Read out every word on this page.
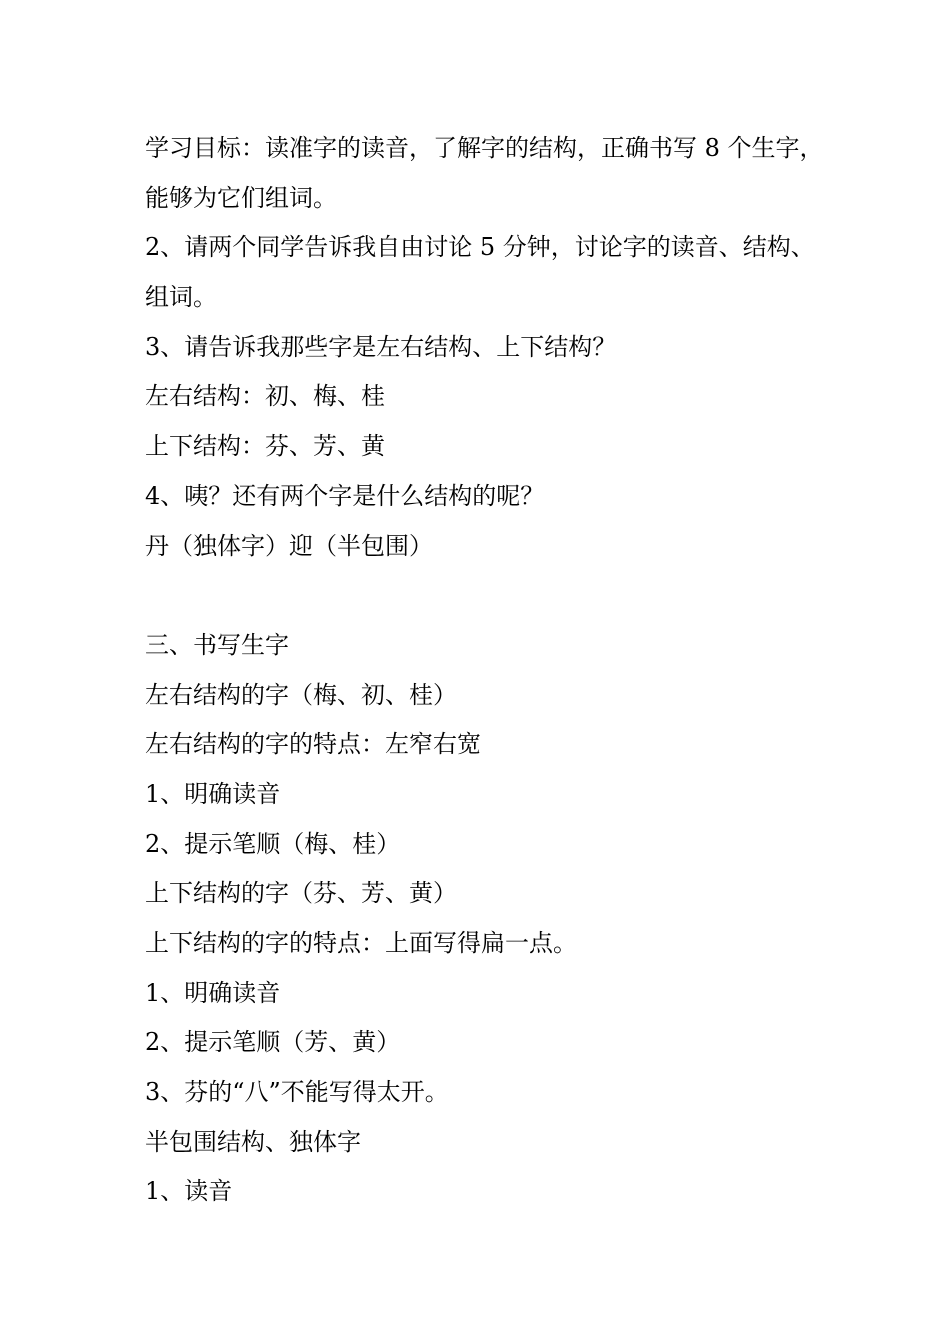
学习目标：读准字的读音，了解字的结构，正确书写 8 个生字，
能够为它们组词。
2、请两个同学告诉我自由讨论 5 分钟，讨论字的读音、结构、
组词。
3、请告诉我那些字是左右结构、上下结构？
左右结构：初、梅、桂
上下结构：芬、芳、黄
4、咦？还有两个字是什么结构的呢？
丹（独体字）迎（半包围）
三、书写生字
左右结构的字（梅、初、桂）
左右结构的字的特点：左窄右宽
1、明确读音
2、提示笔顺（梅、桂）
上下结构的字（芬、芳、黄）
上下结构的字的特点：上面写得扁一点。
1、明确读音
2、提示笔顺（芳、黄）
3、芬的“八”不能写得太开。
半包围结构、独体字
1、读音
